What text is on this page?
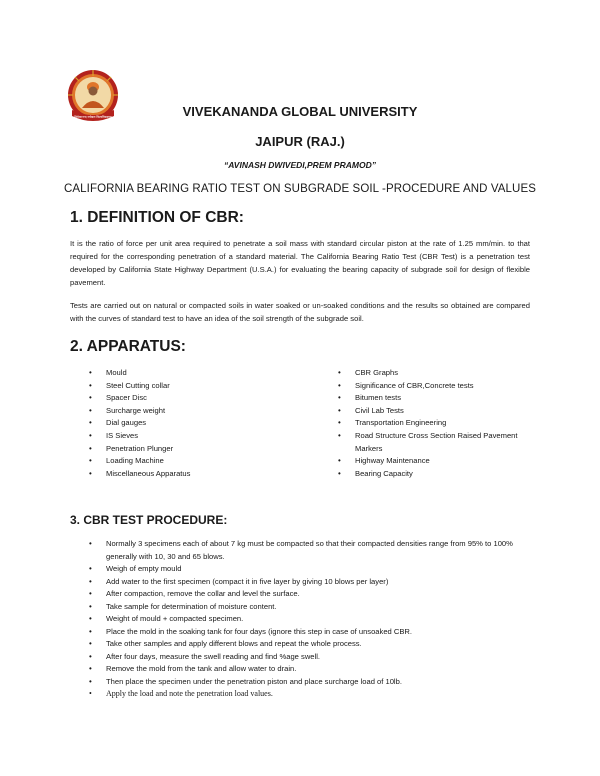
विवेकानन्द ग्लोबल विश्वविद्यालय	VIVEKANANDA GLOBAL UNIVERSITY
JAIPUR (RAJ.)
“AVINASH DWIVEDI,PREM PRAMOD”
CALIFORNIA BEARING RATIO TEST ON SUBGRADE SOIL -PROCEDURE AND VALUES
1. DEFINITION OF CBR:
It is the ratio of force per unit area required to penetrate a soil mass with standard circular piston at the rate of 1.25 mm/min. to that required for the corresponding penetration of a standard material. The California Bearing Ratio Test (CBR Test) is a penetration test developed by California State Highway Department (U.S.A.) for evaluating the bearing capacity of subgrade soil for design of flexible pavement.
Tests are carried out on natural or compacted soils in water soaked or un-soaked conditions and the results so obtained are compared with the curves of standard test to have an idea of the soil strength of the subgrade soil.
2. APPARATUS:
• Mould
• Steel Cutting collar
• Spacer Disc
• Surcharge weight
• Dial gauges
• IS Sieves
• Penetration Plunger
• Loading Machine
• Miscellaneous Apparatus
• CBR Graphs
• Significance of CBR,Concrete tests
• Bitumen tests
• Civil Lab Tests
• Transportation Engineering
• Road Structure Cross Section Raised Pavement Markers
• Highway Maintenance
• Bearing Capacity
3. CBR TEST PROCEDURE:
• Normally 3 specimens each of about 7 kg must be compacted so that their compacted densities range from 95% to 100% generally with 10, 30 and 65 blows.
• Weigh of empty mould
• Add water to the first specimen (compact it in five layer by giving 10 blows per layer)
• After compaction, remove the collar and level the surface.
• Take sample for determination of moisture content.
• Weight of mould + compacted specimen.
• Place the mold in the soaking tank for four days (ignore this step in case of unsoaked CBR.
• Take other samples and apply different blows and repeat the whole process.
• After four days, measure the swell reading and find %age swell.
• Remove the mold from the tank and allow water to drain.
• Then place the specimen under the penetration piston and place surcharge load of 10lb.
• Apply the load and note the penetration load values.
